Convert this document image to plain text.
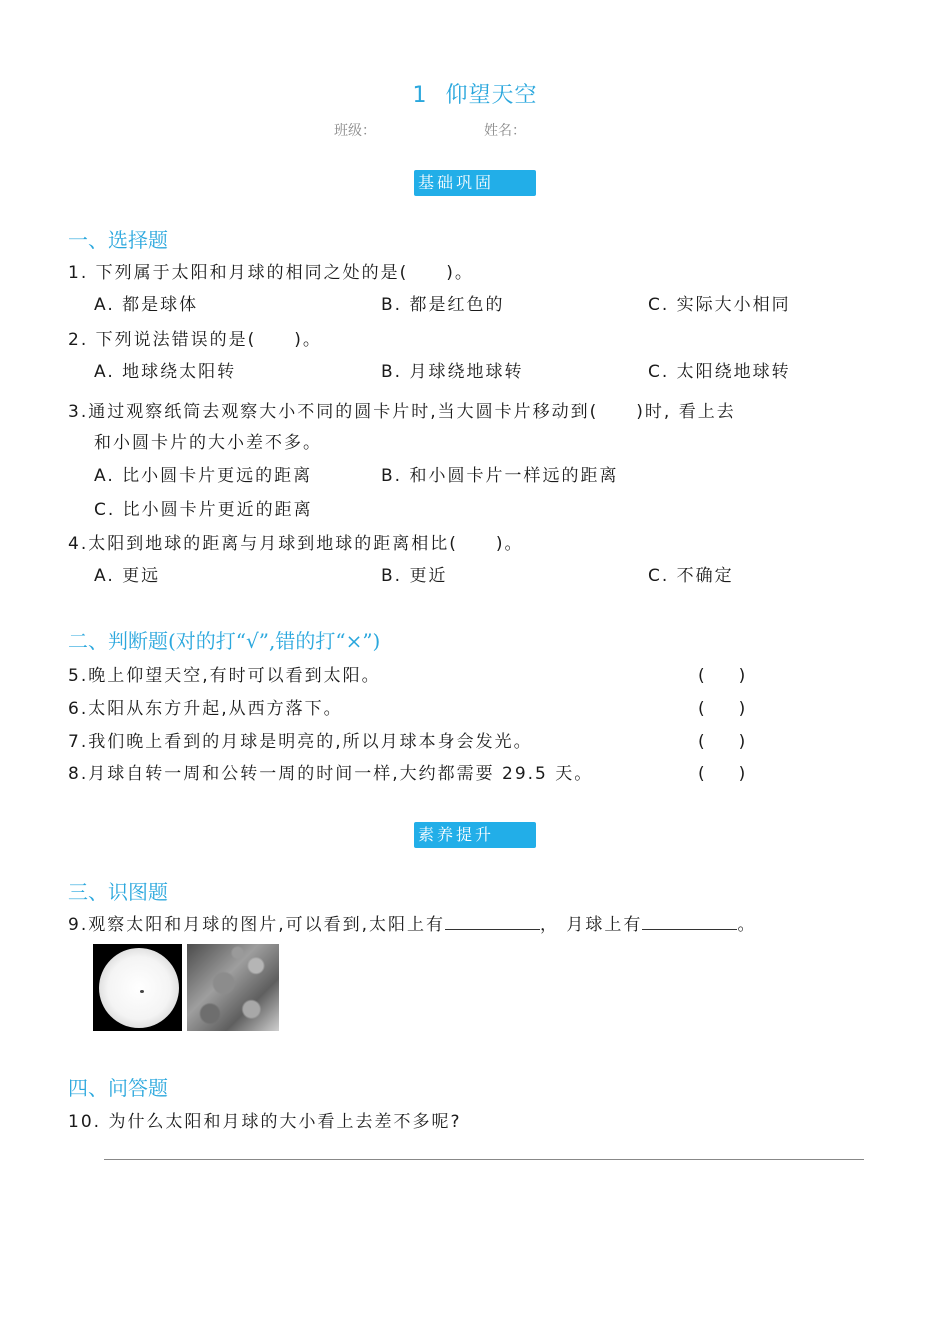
1 仰望天空
班级：	姓名：
基础巩固
一、选择题
1. 下列属于太阳和月球的相同之处的是(　　)。
A. 都是球体	B. 都是红色的	C. 实际大小相同
2. 下列说法错误的是(　　)。
A. 地球绕太阳转	B. 月球绕地球转	C. 太阳绕地球转
3.通过观察纸筒去观察大小不同的圆卡片时,当大圆卡片移动到(　　)时, 看上去
和小圆卡片的大小差不多。
A. 比小圆卡片更远的距离	B. 和小圆卡片一样远的距离
C. 比小圆卡片更近的距离
4.太阳到地球的距离与月球到地球的距离相比(　　)。
A. 更远	B. 更近	C. 不确定
二、判断题(对的打“√”,错的打“×”)
5.晚上仰望天空,有时可以看到太阳。	(　　)
6.太阳从东方升起,从西方落下。	(　　)
7.我们晚上看到的月球是明亮的,所以月球本身会发光。	(　　)
8.月球自转一周和公转一周的时间一样,大约都需要 29.5 天。	(　　)
素养提升
三、识图题
9.观察太阳和月球的图片,可以看到,太阳上有	， 月球上有	。
四、问答题
10. 为什么太阳和月球的大小看上去差不多呢?
